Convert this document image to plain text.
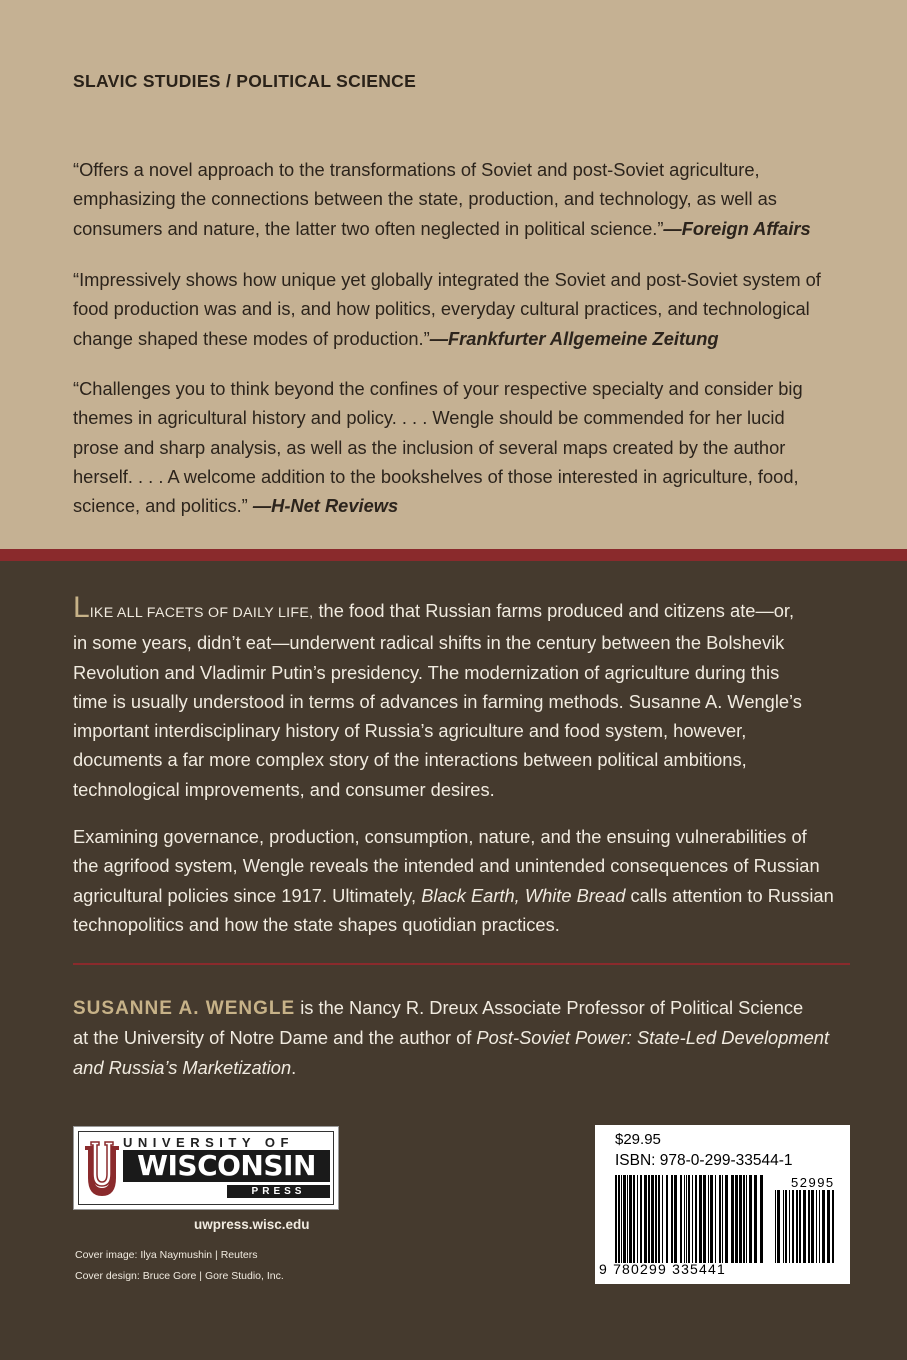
SLAVIC STUDIES / POLITICAL SCIENCE
“Offers a novel approach to the transformations of Soviet and post-Soviet agriculture,
emphasizing the connections between the state, production, and technology, as well as
consumers and nature, the latter two often neglected in political science.”—Foreign Affairs
“Impressively shows how unique yet globally integrated the Soviet and post-Soviet system of
food production was and is, and how politics, everyday cultural practices, and technological
change shaped these modes of production.”—Frankfurter Allgemeine Zeitung
“Challenges you to think beyond the confines of your respective specialty and consider big
themes in agricultural history and policy. . . . Wengle should be commended for her lucid
prose and sharp analysis, as well as the inclusion of several maps created by the author
herself. . . . A welcome addition to the bookshelves of those interested in agriculture, food,
science, and politics.” —H-Net Reviews
LIKE ALL FACETS OF DAILY LIFE, the food that Russian farms produced and citizens ate—or,
in some years, didn’t eat—underwent radical shifts in the century between the Bolshevik
Revolution and Vladimir Putin’s presidency. The modernization of agriculture during this
time is usually understood in terms of advances in farming methods. Susanne A. Wengle’s
important interdisciplinary history of Russia’s agriculture and food system, however,
documents a far more complex story of the interactions between political ambitions,
technological improvements, and consumer desires.
Examining governance, production, consumption, nature, and the ensuing vulnerabilities of
the agrifood system, Wengle reveals the intended and unintended consequences of Russian
agricultural policies since 1917. Ultimately, Black Earth, White Bread calls attention to Russian
technopolitics and how the state shapes quotidian practices.
SUSANNE A. WENGLE is the Nancy R. Dreux Associate Professor of Political Science
at the University of Notre Dame and the author of Post-Soviet Power: State-Led Development
and Russia’s Marketization.
UNIVERSITY OF
WISCONSIN
PRESS
uwpress.wisc.edu
Cover image: Ilya Naymushin | Reuters
Cover design: Bruce Gore | Gore Studio, Inc.
$29.95
ISBN: 978-0-299-33544-1
52995
9 780299 335441
